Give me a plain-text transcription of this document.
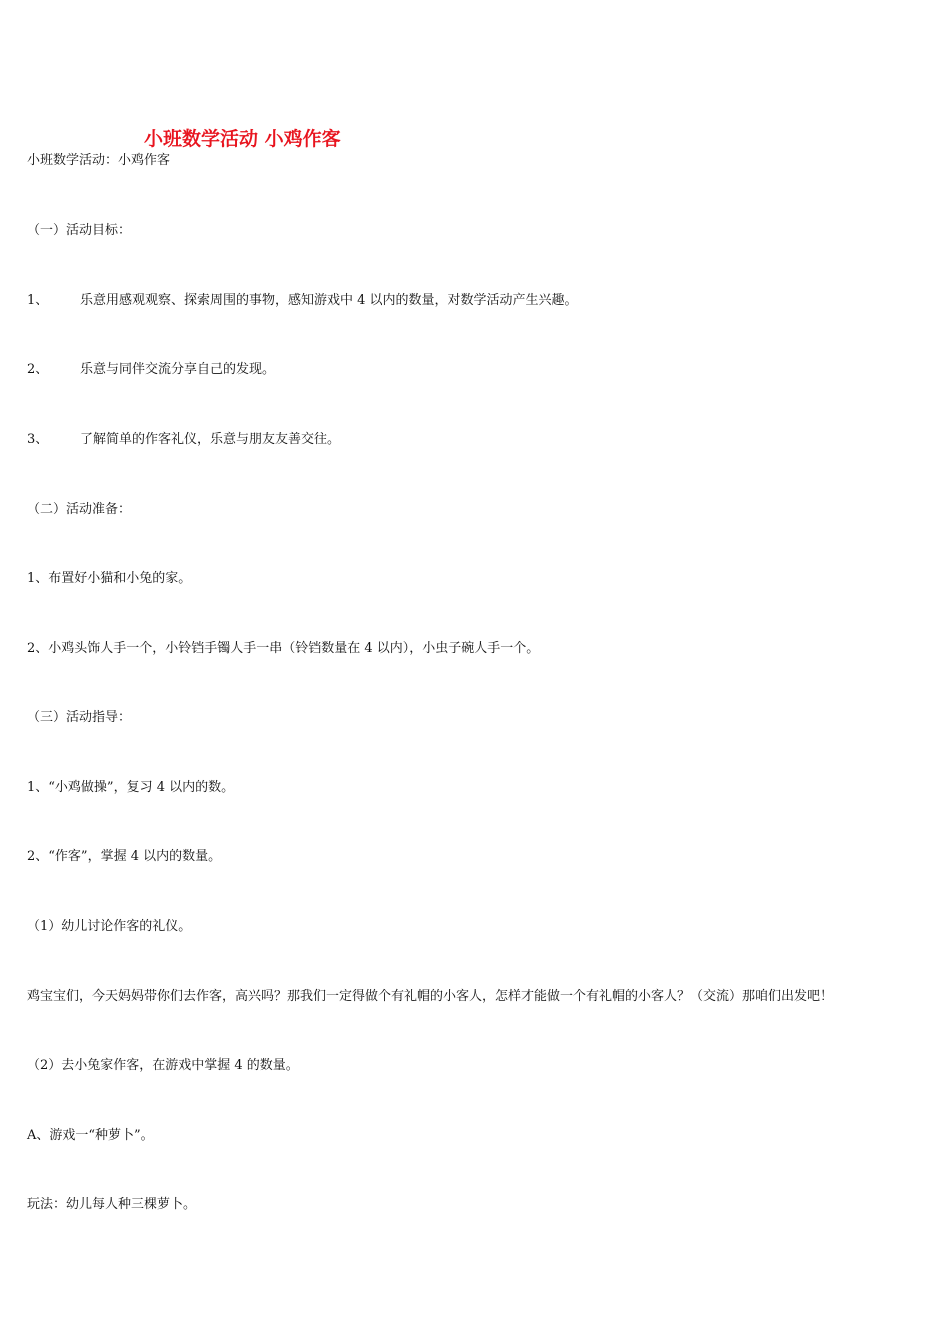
小班数学活动 小鸡作客
小班数学活动：小鸡作客
（一）活动目标：
1、 乐意用感观观察、探索周围的事物，感知游戏中 4 以内的数量，对数学活动产生兴趣。
2、 乐意与同伴交流分享自己的发现。
3、 了解简单的作客礼仪，乐意与朋友友善交往。
（二）活动准备：
1、布置好小猫和小兔的家。
2、小鸡头饰人手一个，小铃铛手镯人手一串（铃铛数量在 4 以内），小虫子碗人手一个。
（三）活动指导：
1、“小鸡做操”，复习 4 以内的数。
2、“作客”，掌握 4 以内的数量。
（1）幼儿讨论作客的礼仪。
鸡宝宝们，今天妈妈带你们去作客，高兴吗？那我们一定得做个有礼帽的小客人，怎样才能做一个有礼帽的小客人？（交流）那咱们出发吧！
（2）去小兔家作客，在游戏中掌握 4 的数量。
A、游戏一“种萝卜”。
玩法：幼儿每人种三棵萝卜。
